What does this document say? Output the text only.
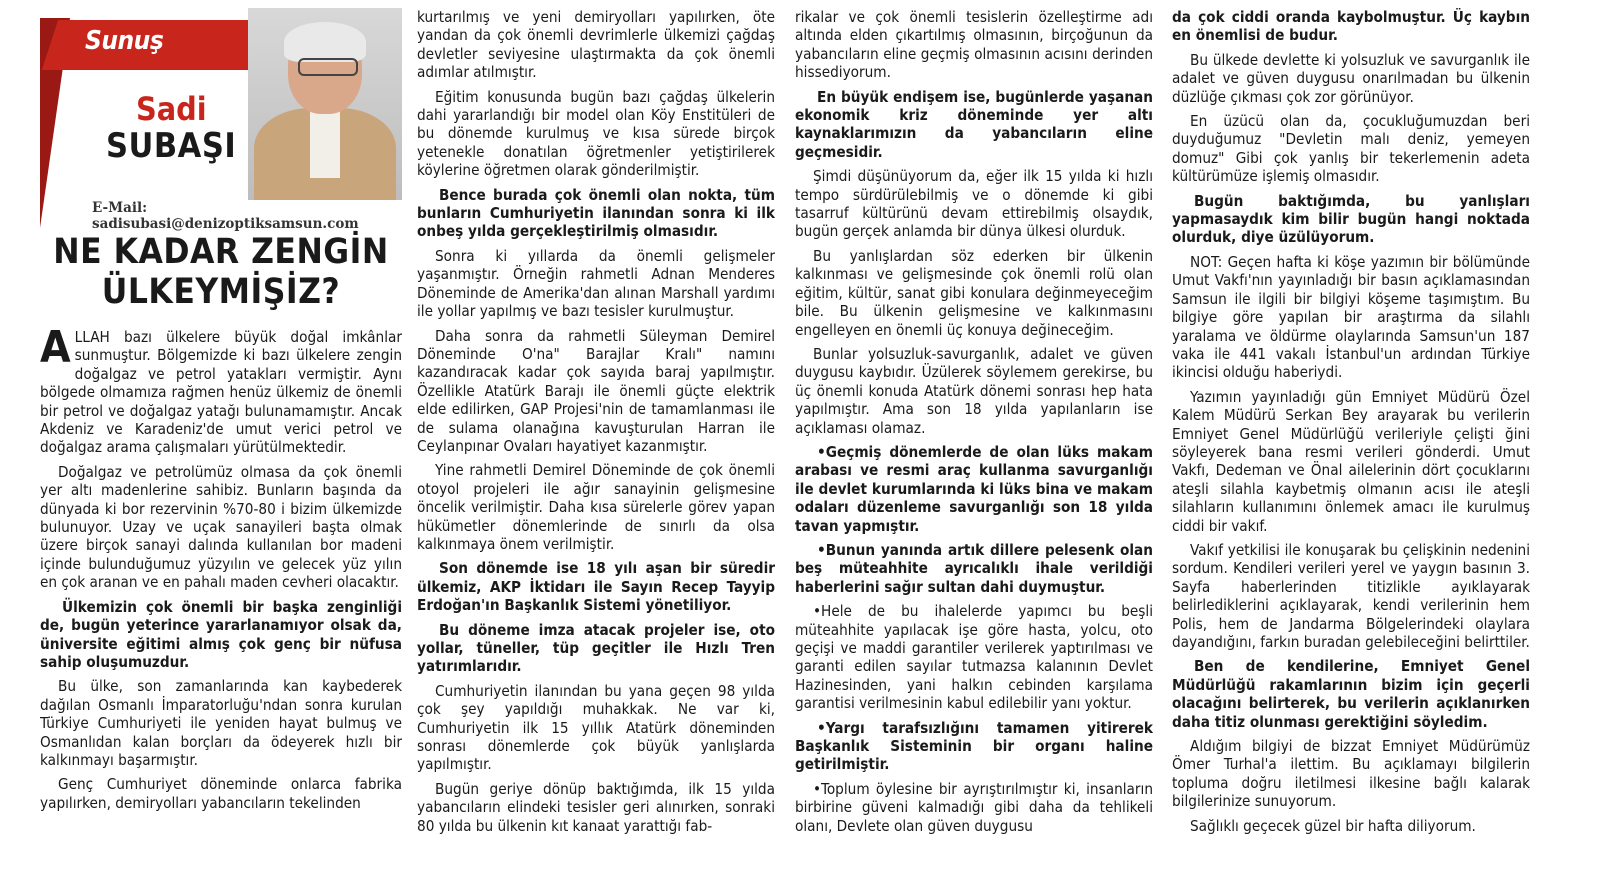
Sunuş
Sadi
SUBAŞI
E-Mail: sadisubasi@denizoptiksamsun.com
NE KADAR ZENGİN ÜLKEYMİŞİZ?

ALLAH bazı ülkelere büyük doğal imkânlar sunmuştur. Bölgemizde ki bazı ülkelere zengin doğalgaz ve petrol yatakları vermiştir. Aynı bölgede olmamıza rağmen henüz ülkemiz de önemli bir petrol ve doğalgaz yatağı bulunamamıştır. Ancak Akdeniz ve Karadeniz'de umut verici petrol ve doğalgaz arama çalışmaları yürütülmektedir.

Doğalgaz ve petrolümüz olmasa da çok önemli yer altı madenlerine sahibiz. Bunların başında da dünyada ki bor rezervinin %70-80 i bizim ülkemizde bulunuyor. Uzay ve uçak sanayileri başta olmak üzere birçok sanayi dalında kullanılan bor madeni içinde bulunduğumuz yüzyılın ve gelecek yüz yılın en çok aranan ve en pahalı maden cevheri olacaktır.

Ülkemizin çok önemli bir başka zenginliği de, bugün yeterince yararlanamıyor olsak da, üniversite eğitimi almış çok genç bir nüfusa sahip oluşumuzdur.

Bu ülke, son zamanlarında kan kaybederek dağılan Osmanlı İmparatorluğu'ndan sonra kurulan Türkiye Cumhuriyeti ile yeniden hayat bulmuş ve Osmanlıdan kalan borçları da ödeyerek hızlı bir kalkınmayı başarmıştır.

Genç Cumhuriyet döneminde onlarca fabrika yapılırken, demiryolları yabancıların tekelinden

kurtarılmış ve yeni demiryolları yapılırken, öte yandan da çok önemli devrimlerle ülkemizi çağdaş devletler seviyesine ulaştırmakta da çok önemli adımlar atılmıştır.

Eğitim konusunda bugün bazı çağdaş ülkelerin dahi yararlandığı bir model olan Köy Enstitüleri de bu dönemde kurulmuş ve kısa sürede birçok yetenekle donatılan öğretmenler yetiştirilerek köylerine öğretmen olarak gönderilmiştir.

Bence burada çok önemli olan nokta, tüm bunların Cumhuriyetin ilanından sonra ki ilk onbeş yılda gerçekleştirilmiş olmasıdır.

Sonra ki yıllarda da önemli gelişmeler yaşanmıştır. Örneğin rahmetli Adnan Menderes Döneminde de Amerika'dan alınan Marshall yardımı ile yollar yapılmış ve bazı tesisler kurulmuştur.

Daha sonra da rahmetli Süleyman Demirel Döneminde O'na" Barajlar Kralı" namını kazandıracak kadar çok sayıda baraj yapılmıştır. Özellikle Atatürk Barajı ile önemli güçte elektrik elde edilirken, GAP Projesi'nin de tamamlanması ile de sulama olanağına kavuşturulan Harran ile Ceylanpınar Ovaları hayatiyet kazanmıştır.

Yine rahmetli Demirel Döneminde de çok önemli otoyol projeleri ile ağır sanayinin gelişmesine öncelik verilmiştir. Daha kısa sürelerle görev yapan hükümetler dönemlerinde de sınırlı da olsa kalkınmaya önem verilmiştir.

Son dönemde ise 18 yılı aşan bir süredir ülkemiz, AKP İktidarı ile Sayın Recep Tayyip Erdoğan'ın Başkanlık Sistemi yönetiliyor.

Bu döneme imza atacak projeler ise, oto yollar, tüneller, tüp geçitler ile Hızlı Tren yatırımlarıdır.

Cumhuriyetin ilanından bu yana geçen 98 yılda çok şey yapıldığı muhakkak. Ne var ki, Cumhuriyetin ilk 15 yıllık Atatürk döneminden sonrası dönemlerde çok büyük yanlışlarda yapılmıştır.

Bugün geriye dönüp baktığımda, ilk 15 yılda yabancıların elindeki tesisler geri alınırken, sonraki 80 yılda bu ülkenin kıt kanaat yarattığı fab-

rikalar ve çok önemli tesislerin özelleştirme adı altında elden çıkartılmış olmasının, birçoğunun da yabancıların eline geçmiş olmasının acısını derinden hissediyorum.

En büyük endişem ise, bugünlerde yaşanan ekonomik kriz döneminde yer altı kaynaklarımızın da yabancıların eline geçmesidir.

Şimdi düşünüyorum da, eğer ilk 15 yılda ki hızlı tempo sürdürülebilmiş ve o dönemde ki gibi tasarruf kültürünü devam ettirebilmiş olsaydık, bugün gerçek anlamda bir dünya ülkesi olurduk.

Bu yanlışlardan söz ederken bir ülkenin kalkınması ve gelişmesinde çok önemli rolü olan eğitim, kültür, sanat gibi konulara değinmeyeceğim bile. Bu ülkenin gelişmesine ve kalkınmasını engelleyen en önemli üç konuya değineceğim.

Bunlar yolsuzluk-savurganlık, adalet ve güven duygusu kaybıdır. Üzülerek söylemem gerekirse, bu üç önemli konuda Atatürk dönemi sonrası hep hata yapılmıştır. Ama son 18 yılda yapılanların ise açıklaması olamaz.

•Geçmiş dönemlerde de olan lüks makam arabası ve resmi araç kullanma savurganlığı ile devlet kurumlarında ki lüks bina ve makam odaları düzenleme savurganlığı son 18 yılda tavan yapmıştır.

•Bunun yanında artık dillere pelesenk olan beş müteahhite ayrıcalıklı ihale verildiği haberlerini sağır sultan dahi duymuştur.

•Hele de bu ihalelerde yapımcı bu beşli müteahhite yapılacak işe göre hasta, yolcu, oto geçişi ve maddi garantiler verilerek yaptırılması ve garanti edilen sayılar tutmazsa kalanının Devlet Hazinesinden, yani halkın cebinden karşılama garantisi verilmesinin kabul edilebilir yanı yoktur.

•Yargı tarafsızlığını tamamen yitirerek Başkanlık Sisteminin bir organı haline getirilmiştir.

•Toplum öylesine bir ayrıştırılmıştır ki, insanların birbirine güveni kalmadığı gibi daha da tehlikeli olanı, Devlete olan güven duygusu

da çok ciddi oranda kaybolmuştur. Üç kaybın en önemlisi de budur.

Bu ülkede devlette ki yolsuzluk ve savurganlık ile adalet ve güven duygusu onarılmadan bu ülkenin düzlüğe çıkması çok zor görünüyor.

En üzücü olan da, çocukluğumuzdan beri duyduğumuz "Devletin malı deniz, yemeyen domuz" Gibi çok yanlış bir tekerlemenin adeta kültürümüze işlemiş olmasıdır.

Bugün baktığımda, bu yanlışları yapmasaydık kim bilir bugün hangi noktada olurduk, diye üzülüyorum.

NOT: Geçen hafta ki köşe yazımın bir bölümünde Umut Vakfı'nın yayınladığı bir basın açıklamasından Samsun ile ilgili bir bilgiyi köşeme taşımıştım. Bu bilgiye göre yapılan bir araştırma da silahlı yaralama ve öldürme olaylarında Samsun'un 187 vaka ile 441 vakalı İstanbul'un ardından Türkiye ikincisi olduğu haberiydi.

Yazımın yayınladığı gün Emniyet Müdürü Özel Kalem Müdürü Serkan Bey arayarak bu verilerin Emniyet Genel Müdürlüğü verileriyle çelişti ğini söyleyerek bana resmi verileri gönderdi. Umut Vakfı, Dedeman ve Önal ailelerinin dört çocuklarını ateşli silahla kaybetmiş olmanın acısı ile ateşli silahların kullanımını önlemek amacı ile kurulmuş ciddi bir vakıf.

Vakıf yetkilisi ile konuşarak bu çelişkinin nedenini sordum. Kendileri verileri yerel ve yaygın basının 3. Sayfa haberlerinden titizlikle ayıklayarak belirlediklerini açıklayarak, kendi verilerinin hem Polis, hem de Jandarma Bölgelerindeki olaylara dayandığını, farkın buradan gelebileceğini belirttiler.

Ben de kendilerine, Emniyet Genel Müdürlüğü rakamlarının bizim için geçerli olacağını belirterek, bu verilerin açıklanırken daha titiz olunması gerektiğini söyledim.

Aldığım bilgiyi de bizzat Emniyet Müdürümüz Ömer Turhal'a ilettim. Bu açıklamayı bilgilerin topluma doğru iletilmesi ilkesine bağlı kalarak bilgilerinize sunuyorum.

Sağlıklı geçecek güzel bir hafta diliyorum.
